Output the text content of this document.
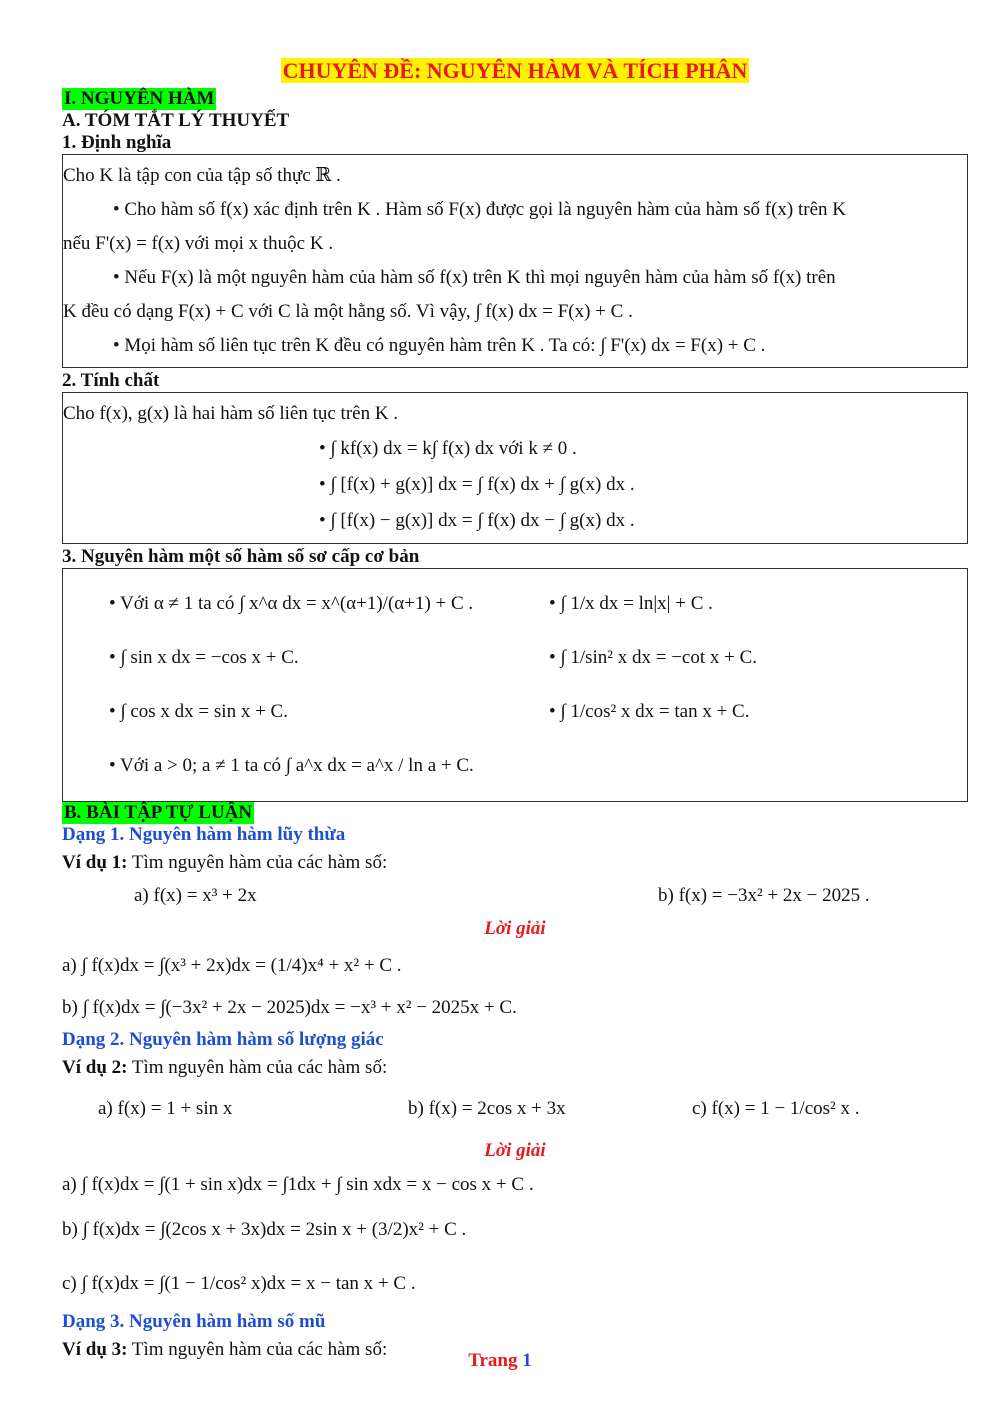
CHUYÊN ĐỀ: NGUYÊN HÀM VÀ TÍCH PHÂN
I. NGUYÊN HÀM
A. TÓM TẮT LÝ THUYẾT
1. Định nghĩa

Cho K là tập con của tập số thực ℝ .

• Cho hàm số f(x) xác định trên K . Hàm số F(x) được gọi là nguyên hàm của hàm số f(x) trên K

nếu F'(x) = f(x) với mọi x thuộc K .

• Nếu F(x) là một nguyên hàm của hàm số f(x) trên K thì mọi nguyên hàm của hàm số f(x) trên

K đều có dạng F(x) + C với C là một hằng số. Vì vậy, ∫ f(x) dx = F(x) + C .

• Mọi hàm số liên tục trên K đều có nguyên hàm trên K . Ta có: ∫ F'(x) dx = F(x) + C .

2. Tính chất

Cho f(x), g(x) là hai hàm số liên tục trên K .

• ∫ kf(x) dx = k∫ f(x) dx với k ≠ 0 .
• ∫ [f(x) + g(x)] dx = ∫ f(x) dx + ∫ g(x) dx .
• ∫ [f(x) − g(x)] dx = ∫ f(x) dx − ∫ g(x) dx .
3. Nguyên hàm một số hàm số sơ cấp cơ bản
• Với α ≠ 1 ta có ∫ x^α dx = x^(α+1)/(α+1) + C .	• ∫ 1/x dx = ln|x| + C .
• ∫ sin x dx = −cos x + C.	• ∫ 1/sin² x dx = −cot x + C.
• ∫ cos x dx = sin x + C.	• ∫ 1/cos² x dx = tan x + C.
• Với a > 0; a ≠ 1 ta có ∫ a^x dx = a^x / ln a + C.
B. BÀI TẬP TỰ LUẬN
Dạng 1. Nguyên hàm hàm lũy thừa
Ví dụ 1: Tìm nguyên hàm của các hàm số:
a) f(x) = x³ + 2x	b) f(x) = −3x² + 2x − 2025 .
Lời giải
a) ∫ f(x)dx = ∫(x³ + 2x)dx = (1/4)x⁴ + x² + C .
b) ∫ f(x)dx = ∫(−3x² + 2x − 2025)dx = −x³ + x² − 2025x + C.
Dạng 2. Nguyên hàm hàm số lượng giác
Ví dụ 2: Tìm nguyên hàm của các hàm số:
a) f(x) = 1 + sin x	b) f(x) = 2cos x + 3x	c) f(x) = 1 − 1/cos² x .
Lời giải
a) ∫ f(x)dx = ∫(1 + sin x)dx = ∫1dx + ∫ sin xdx = x − cos x + C .
b) ∫ f(x)dx = ∫(2cos x + 3x)dx = 2sin x + (3/2)x² + C .
c) ∫ f(x)dx = ∫(1 − 1/cos² x)dx = x − tan x + C .
Dạng 3. Nguyên hàm hàm số mũ
Ví dụ 3: Tìm nguyên hàm của các hàm số:
Trang 1
